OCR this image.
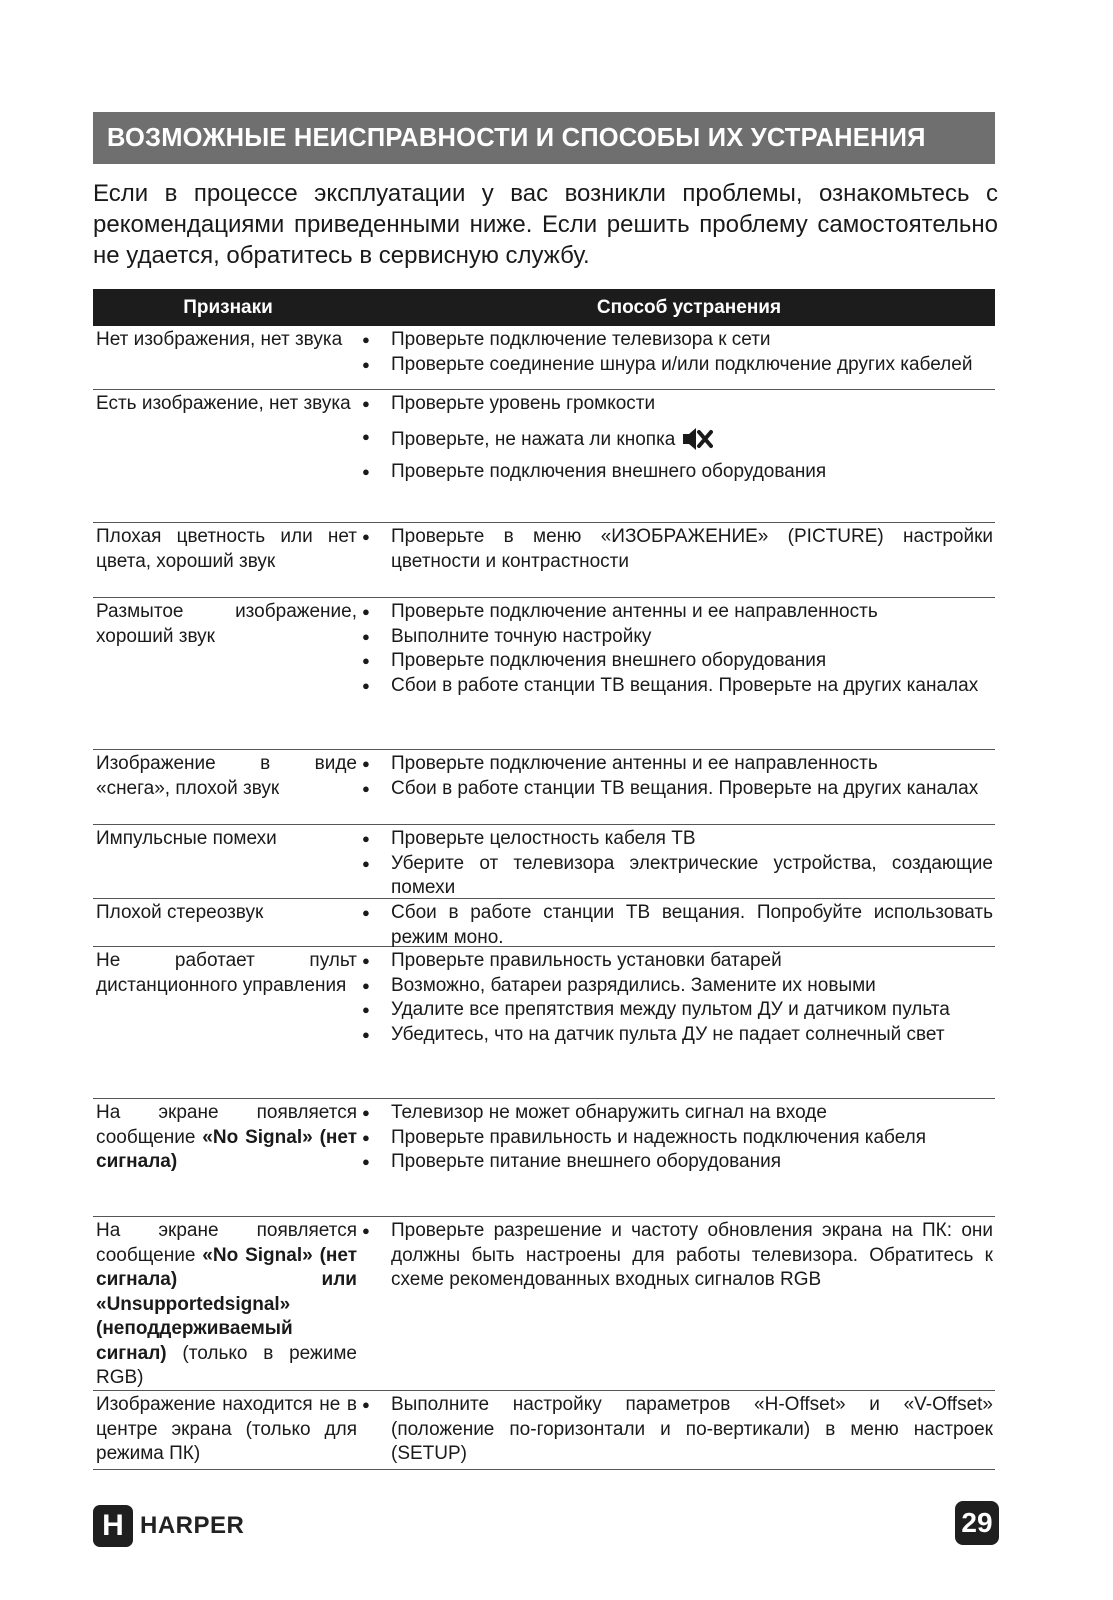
ВОЗМОЖНЫЕ НЕИСПРАВНОСТИ И СПОСОБЫ ИХ УСТРАНЕНИЯ

Если в процессе эксплуатации у вас возникли проблемы, ознакомьтесь с рекомендациями приведенными ниже. Если решить проблему самостоятельно не удается, обратитесь в сервисную службу.

Признаки	Способ устранения
Нет изображения, нет звука	● Проверьте подключение телевизора к сети
● Проверьте соединение шнура и/или подключение других кабелей
Есть изображение, нет звука	● Проверьте уровень громкости
● Проверьте, не нажата ли кнопка
● Проверьте подключения внешнего оборудования
Плохая цветность или нет цвета, хороший звук
● Проверьте в меню «ИЗОБРАЖЕНИЕ» (PICTURE) настройки цветности и контрастности
Размытое изображение, хороший звук
● Проверьте подключение антенны и ее направленность
● Выполните точную настройку
● Проверьте подключения внешнего оборудования
● Сбои в работе станции ТВ вещания. Проверьте на других каналах
Изображение в виде «снега», плохой звук
● Проверьте подключение антенны и ее направленность
● Сбои в работе станции ТВ вещания. Проверьте на других каналах
Импульсные помехи	● Проверьте целостность кабеля ТВ
● Уберите от телевизора электрические устройства, создающие помехи
Плохой стереозвук	● Сбои в работе станции ТВ вещания. Попробуйте использовать режим моно.
Не работает пульт дистанционного управления
● Проверьте правильность установки батарей
● Возможно, батареи разрядились. Замените их новыми
● Удалите все препятствия между пультом ДУ и датчиком пульта
● Убедитесь, что на датчик пульта ДУ не падает солнечный свет
На экране появляется сообщение «No Signal» (нет сигнала)
● Телевизор не может обнаружить сигнал на входе
● Проверьте правильность и надежность подключения кабеля
● Проверьте питание внешнего оборудования
На экране появляется сообщение «No Signal» (нет сигнала) или «Unsupportedsignal» (неподдерживаемый сигнал) (только в режиме RGB)
● Проверьте разрешение и частоту обновления экрана на ПК: они должны быть настроены для работы телевизора. Обратитесь к схеме рекомендованных входных сигналов RGB
Изображение находится не в центре экрана (только для режима ПК)
● Выполните настройку параметров «H-Offset» и «V-Offset» (положение по-горизонтали и по-вертикали) в меню настроек (SETUP)
H HARPER	29
